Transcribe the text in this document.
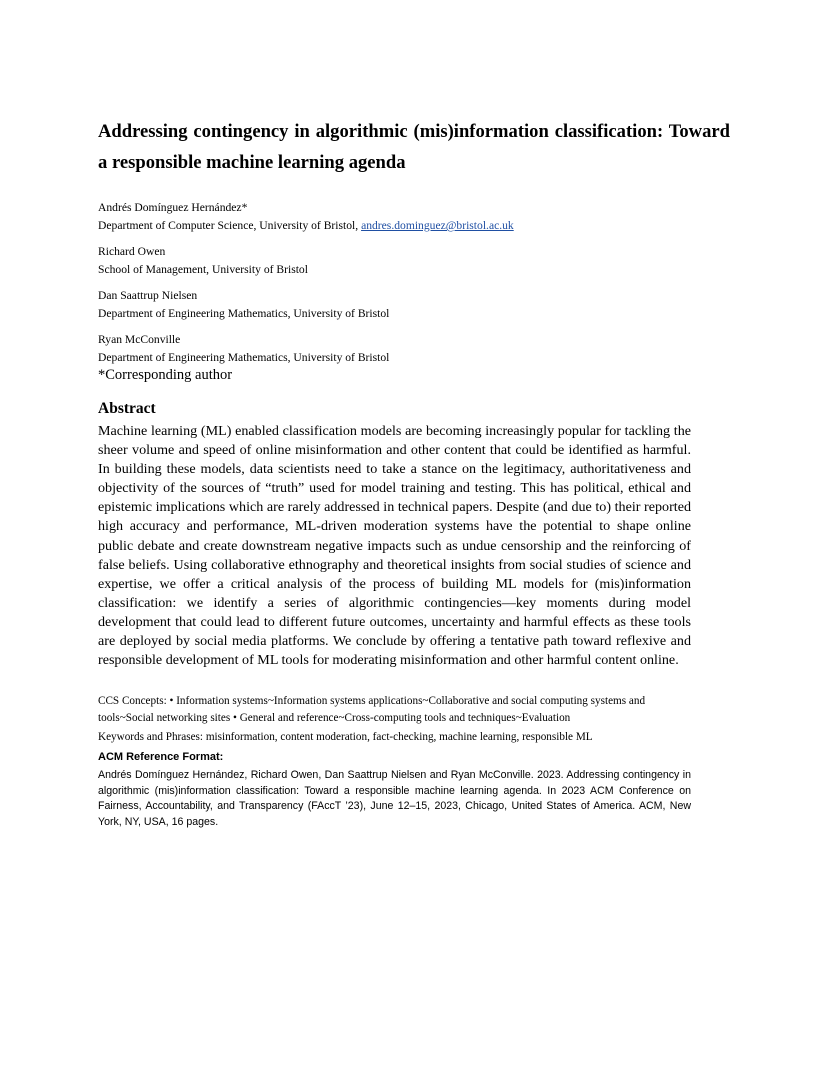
Addressing contingency in algorithmic (mis)information classification: Toward a responsible machine learning agenda

Andrés Domínguez Hernández*

Department of Computer Science, University of Bristol, andres.dominguez@bristol.ac.uk

Richard Owen

School of Management, University of Bristol

Dan Saattrup Nielsen

Department of Engineering Mathematics, University of Bristol

Ryan McConville

Department of Engineering Mathematics, University of Bristol

*Corresponding author

Abstract

Machine learning (ML) enabled classification models are becoming increasingly popular for tackling the sheer volume and speed of online misinformation and other content that could be identified as harmful. In building these models, data scientists need to take a stance on the legitimacy, authoritativeness and objectivity of the sources of “truth” used for model training and testing. This has political, ethical and epistemic implications which are rarely addressed in technical papers. Despite (and due to) their reported high accuracy and performance, ML-driven moderation systems have the potential to shape online public debate and create downstream negative impacts such as undue censorship and the reinforcing of false beliefs. Using collaborative ethnography and theoretical insights from social studies of science and expertise, we offer a critical analysis of the process of building ML models for (mis)information classification: we identify a series of algorithmic contingencies—key moments during model development that could lead to different future outcomes, uncertainty and harmful effects as these tools are deployed by social media platforms. We conclude by offering a tentative path toward reflexive and responsible development of ML tools for moderating misinformation and other harmful content online.

CCS Concepts: • Information systems~Information systems applications~Collaborative and social computing systems and tools~Social networking sites • General and reference~Cross-computing tools and techniques~Evaluation

Keywords and Phrases: misinformation, content moderation, fact-checking, machine learning, responsible ML

ACM Reference Format:

Andrés Domínguez Hernández, Richard Owen, Dan Saattrup Nielsen and Ryan McConville. 2023. Addressing contingency in algorithmic (mis)information classification: Toward a responsible machine learning agenda. In 2023 ACM Conference on Fairness, Accountability, and Transparency (FAccT ’23), June 12–15, 2023, Chicago, United States of America. ACM, New York, NY, USA, 16 pages.
